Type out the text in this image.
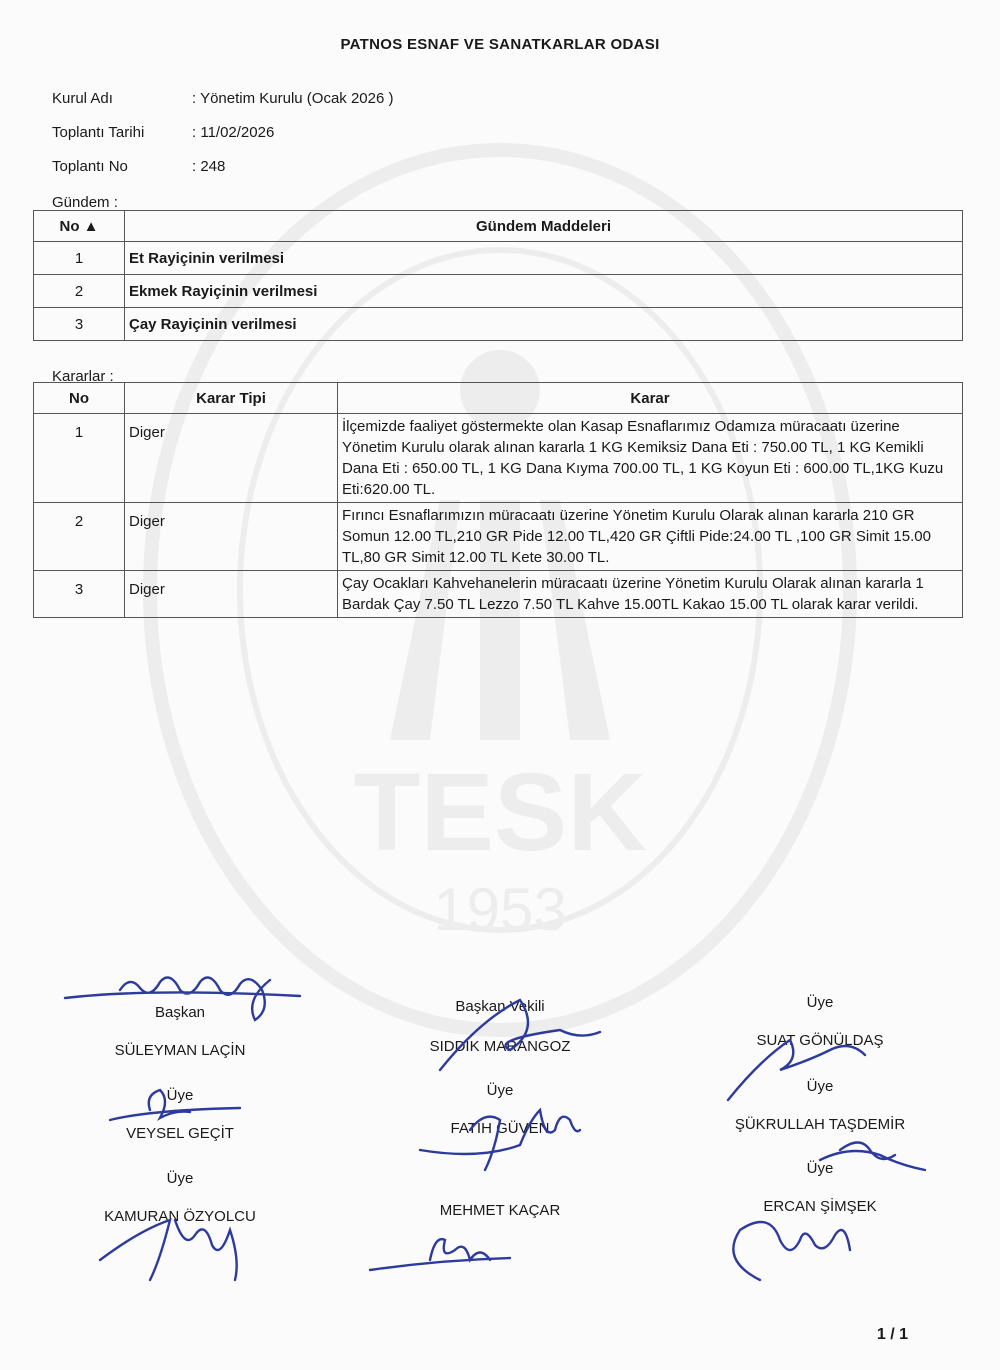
TESK
1953
PATNOS ESNAF VE SANATKARLAR ODASI
Kurul Adı	: Yönetim Kurulu (Ocak 2026 )
Toplantı Tarihi	: 11/02/2026
Toplantı No	: 248
Gündem :
No ▲	Gündem Maddeleri
1	Et Rayiçinin verilmesi
2	Ekmek Rayiçinin verilmesi
3	Çay Rayiçinin verilmesi
Kararlar :
No	Karar Tipi	Karar
1	Diger	İlçemizde faaliyet göstermekte olan Kasap Esnaflarımız Odamıza müracaatı üzerine Yönetim Kurulu olarak alınan kararla 1 KG Kemiksiz Dana Eti : 750.00 TL, 1 KG Kemikli Dana Eti : 650.00 TL, 1 KG Dana Kıyma 700.00 TL, 1 KG Koyun Eti : 600.00 TL,1KG Kuzu Eti:620.00 TL.
2	Diger	Fırıncı Esnaflarımızın müracaatı üzerine Yönetim Kurulu Olarak alınan kararla 210 GR Somun 12.00 TL,210 GR Pide 12.00 TL,420 GR Çiftli Pide:24.00 TL ,100 GR Simit 15.00 TL,80 GR Simit 12.00 TL Kete 30.00 TL.
3	Diger	Çay Ocakları Kahvehanelerin müracaatı üzerine Yönetim Kurulu Olarak alınan kararla 1 Bardak Çay 7.50 TL Lezzo 7.50 TL Kahve 15.00TL Kakao 15.00 TL olarak karar verildi.
Başkan
SÜLEYMAN LAÇİN
Başkan Vekili
SIDDIK MARANGOZ
Üye
SUAT GÖNÜLDAŞ
Üye
VEYSEL GEÇİT
Üye
FATİH GÜVEN
Üye
ŞÜKRULLAH TAŞDEMİR
Üye
KAMURAN ÖZYOLCU
Üye
MEHMET KAÇAR	ERCAN ŞİMŞEK
1 / 1
